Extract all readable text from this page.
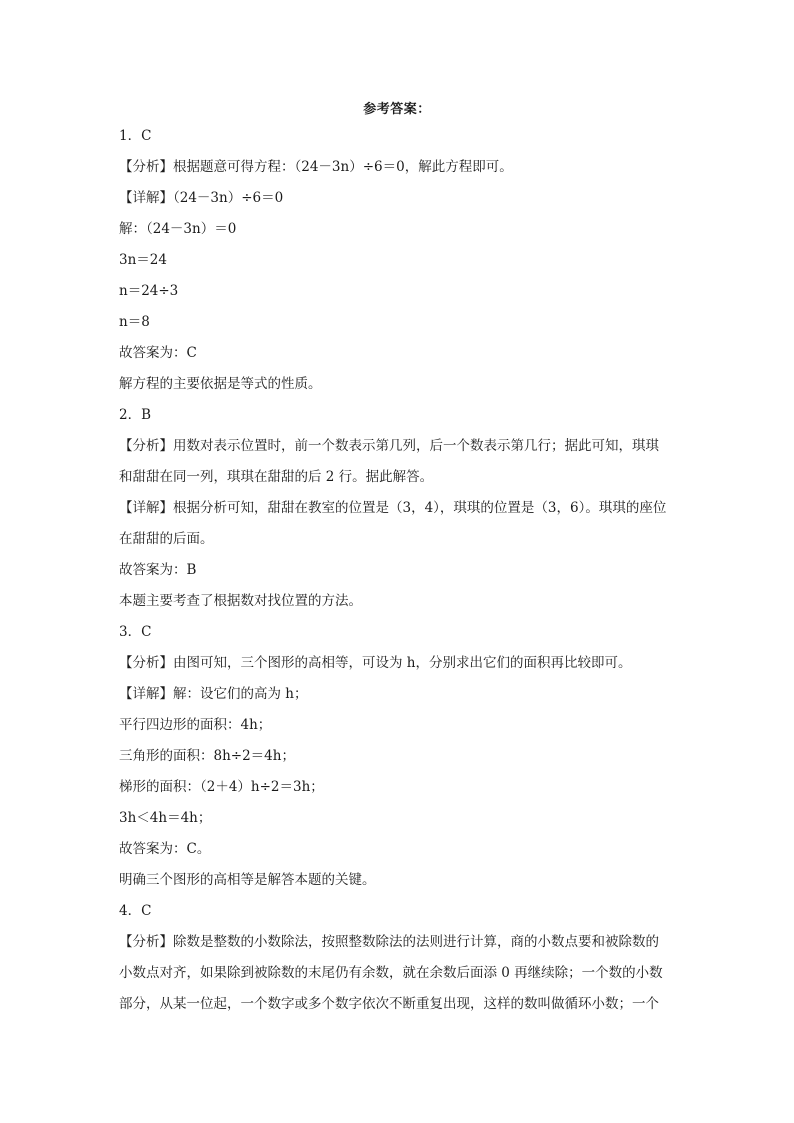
参考答案：
1．C
【分析】根据题意可得方程：（24－3n）÷6＝0，解此方程即可。
【详解】（24－3n）÷6＝0
解：（24－3n）＝0
3n＝24
n＝24÷3
n＝8
故答案为：C
解方程的主要依据是等式的性质。
2．B
【分析】用数对表示位置时，前一个数表示第几列，后一个数表示第几行；据此可知，琪琪
和甜甜在同一列，琪琪在甜甜的后 2 行。据此解答。
【详解】根据分析可知，甜甜在教室的位置是（3，4），琪琪的位置是（3，6）。琪琪的座位
在甜甜的后面。
故答案为：B
本题主要考查了根据数对找位置的方法。
3．C
【分析】由图可知，三个图形的高相等，可设为 h，分别求出它们的面积再比较即可。
【详解】解：设它们的高为 h；
平行四边形的面积：4h；
三角形的面积：8h÷2＝4h；
梯形的面积：（2＋4）h÷2＝3h；
3h＜4h＝4h；
故答案为：C。
明确三个图形的高相等是解答本题的关键。
4．C
【分析】除数是整数的小数除法，按照整数除法的法则进行计算，商的小数点要和被除数的
小数点对齐，如果除到被除数的末尾仍有余数，就在余数后面添 0 再继续除；一个数的小数
部分，从某一位起，一个数字或多个数字依次不断重复出现，这样的数叫做循环小数；一个
